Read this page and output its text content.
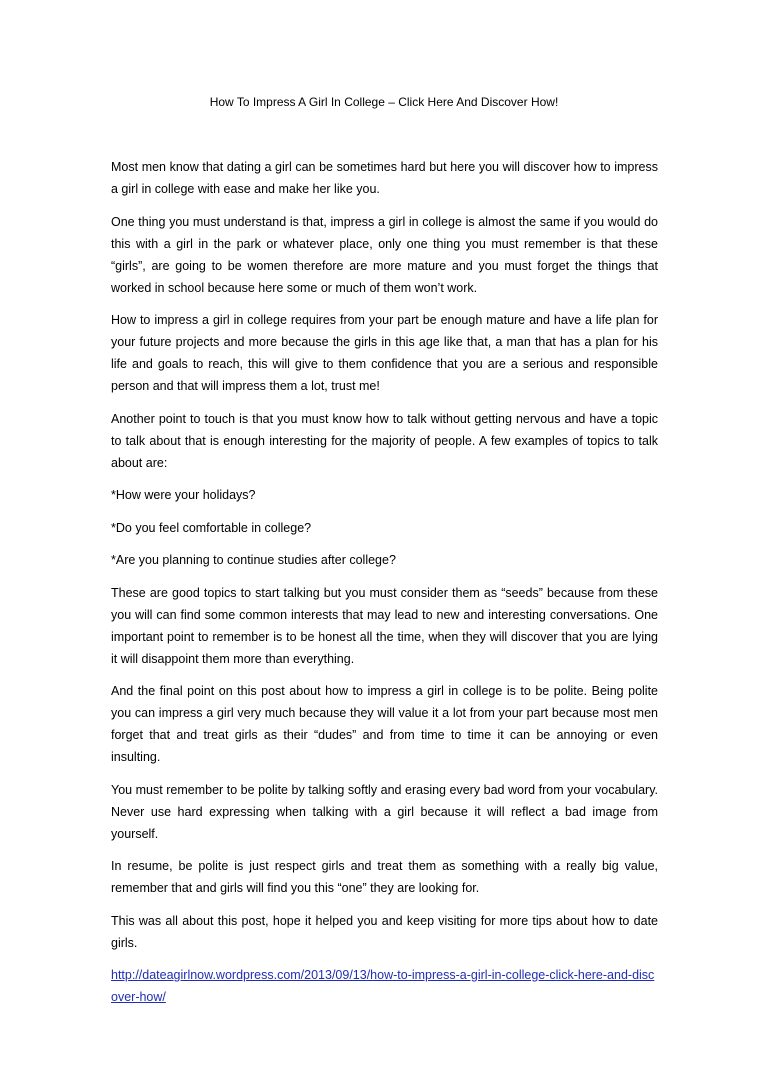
How To Impress A Girl In College – Click Here And Discover How!

Most men know that dating a girl can be sometimes hard but here you will discover how to impress a girl in college with ease and make her like you.

One thing you must understand is that, impress a girl in college is almost the same if you would do this with a girl in the park or whatever place, only one thing you must remember is that these “girls”, are going to be women therefore are more mature and you must forget the things that worked in school because here some or much of them won’t work.

How to impress a girl in college requires from your part be enough mature and have a life plan for your future projects and more because the girls in this age like that, a man that has a plan for his life and goals to reach, this will give to them confidence that you are a serious and responsible person and that will impress them a lot, trust me!

Another point to touch is that you must know how to talk without getting nervous and have a topic to talk about that is enough interesting for the majority of people. A few examples of topics to talk about are:

*How were your holidays?

*Do you feel comfortable in college?

*Are you planning to continue studies after college?

These are good topics to start talking but you must consider them as “seeds” because from these you will can find some common interests that may lead to new and interesting conversations. One important point to remember is to be honest all the time, when they will discover that you are lying it will disappoint them more than everything.

And the final point on this post about how to impress a girl in college is to be polite. Being polite you can impress a girl very much because they will value it a lot from your part because most men forget that and treat girls as their “dudes” and from time to time it can be annoying or even insulting.

You must remember to be polite by talking softly and erasing every bad word from your vocabulary. Never use hard expressing when talking with a girl because it will reflect a bad image from yourself.

In resume, be polite is just respect girls and treat them as something with a really big value, remember that and girls will find you this “one” they are looking for.

This was all about this post, hope it helped you and keep visiting for more tips about how to date girls.

http://dateagirlnow.wordpress.com/2013/09/13/how-to-impress-a-girl-in-college-click-here-and-discover-how/
